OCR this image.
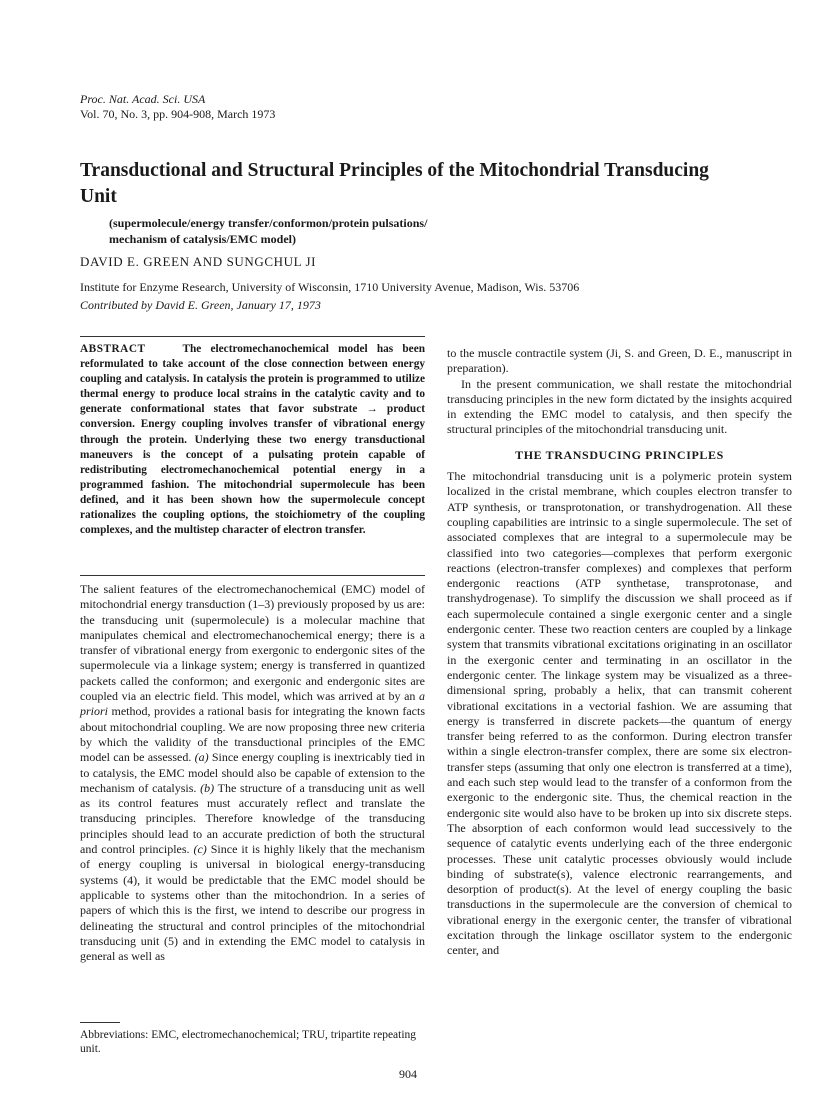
Proc. Nat. Acad. Sci. USA
Vol. 70, No. 3, pp. 904-908, March 1973
Transductional and Structural Principles of the Mitochondrial Transducing Unit
(supermolecule/energy transfer/conformon/protein pulsations/
mechanism of catalysis/EMC model)
DAVID E. GREEN AND SUNGCHUL JI
Institute for Enzyme Research, University of Wisconsin, 1710 University Avenue, Madison, Wis. 53706
Contributed by David E. Green, January 17, 1973

ABSTRACT	The electromechanochemical model has been reformulated to take account of the close connection between energy coupling and catalysis. In catalysis the protein is programmed to utilize thermal energy to produce local strains in the catalytic cavity and to generate conformational states that favor substrate → product conversion. Energy coupling involves transfer of vibrational energy through the protein. Underlying these two energy transductional maneuvers is the concept of a pulsating protein capable of redistributing electromechanochemical potential energy in a programmed fashion. The mitochondrial supermolecule has been defined, and it has been shown how the supermolecule concept rationalizes the coupling options, the stoichiometry of the coupling complexes, and the multistep character of electron transfer.

The salient features of the electromechanochemical (EMC) model of mitochondrial energy transduction (1–3) previously proposed by us are: the transducing unit (supermolecule) is a molecular machine that manipulates chemical and electromechanochemical energy; there is a transfer of vibrational energy from exergonic to endergonic sites of the supermolecule via a linkage system; energy is transferred in quantized packets called the conformon; and exergonic and endergonic sites are coupled via an electric field. This model, which was arrived at by an a priori method, provides a rational basis for integrating the known facts about mitochondrial coupling. We are now proposing three new criteria by which the validity of the transductional principles of the EMC model can be assessed. (a) Since energy coupling is inextricably tied in to catalysis, the EMC model should also be capable of extension to the mechanism of catalysis. (b) The structure of a transducing unit as well as its control features must accurately reflect and translate the transducing principles. Therefore knowledge of the transducing principles should lead to an accurate prediction of both the structural and control principles. (c) Since it is highly likely that the mechanism of energy coupling is universal in biological energy-transducing systems (4), it would be predictable that the EMC model should be applicable to systems other than the mitochondrion. In a series of papers of which this is the first, we intend to describe our progress in delineating the structural and control principles of the mitochondrial transducing unit (5) and in extending the EMC model to catalysis in general as well as

to the muscle contractile system (Ji, S. and Green, D. E., manuscript in preparation).

In the present communication, we shall restate the mitochondrial transducing principles in the new form dictated by the insights acquired in extending the EMC model to catalysis, and then specify the structural principles of the mitochondrial transducing unit.

THE TRANSDUCING PRINCIPLES

The mitochondrial transducing unit is a polymeric protein system localized in the cristal membrane, which couples electron transfer to ATP synthesis, or transprotonation, or transhydrogenation. All these coupling capabilities are intrinsic to a single supermolecule. The set of associated complexes that are integral to a supermolecule may be classified into two categories—complexes that perform exergonic reactions (electron-transfer complexes) and complexes that perform endergonic reactions (ATP synthetase, transprotonase, and transhydrogenase). To simplify the discussion we shall proceed as if each supermolecule contained a single exergonic center and a single endergonic center. These two reaction centers are coupled by a linkage system that transmits vibrational excitations originating in an oscillator in the exergonic center and terminating in an oscillator in the endergonic center. The linkage system may be visualized as a three-dimensional spring, probably a helix, that can transmit coherent vibrational excitations in a vectorial fashion. We are assuming that energy is transferred in discrete packets—the quantum of energy transfer being referred to as the conformon. During electron transfer within a single electron-transfer complex, there are some six electron-transfer steps (assuming that only one electron is transferred at a time), and each such step would lead to the transfer of a conformon from the exergonic to the endergonic site. Thus, the chemical reaction in the endergonic site would also have to be broken up into six discrete steps. The absorption of each conformon would lead successively to the sequence of catalytic events underlying each of the three endergonic processes. These unit catalytic processes obviously would include binding of substrate(s), valence electronic rearrangements, and desorption of product(s). At the level of energy coupling the basic transductions in the supermolecule are the conversion of chemical to vibrational energy in the exergonic center, the transfer of vibrational excitation through the linkage oscillator system to the endergonic center, and

Abbreviations: EMC, electromechanochemical; TRU, tripartite repeating unit.
904
